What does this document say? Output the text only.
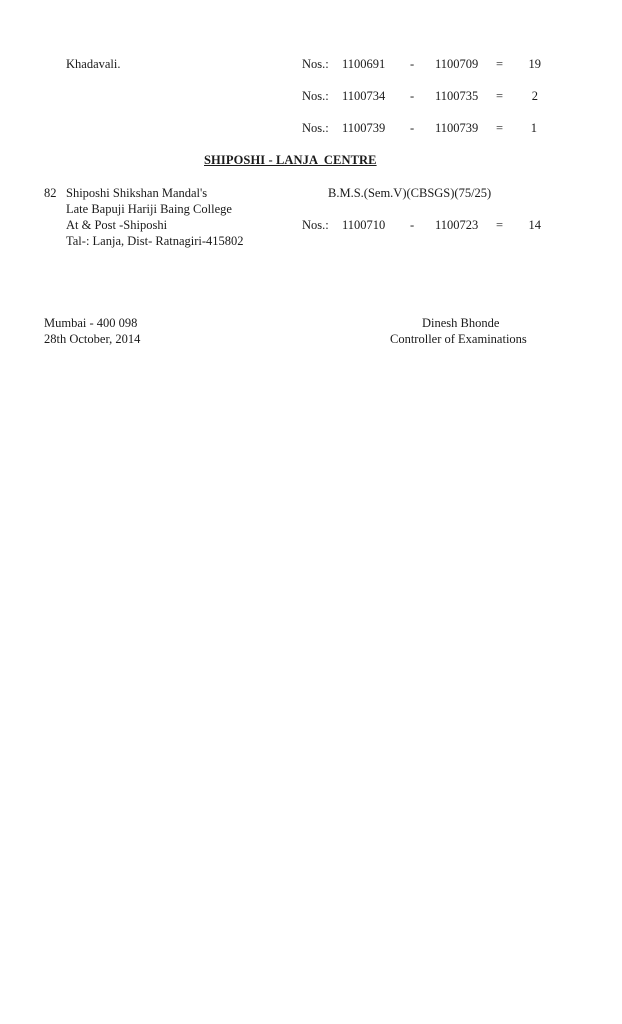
Khadavali.	Nos.: 1100691 - 1100709 =	19
Nos.: 1100734 - 1100735 =	2
Nos.: 1100739 - 1100739 =	1
SHIPOSHI - LANJA  CENTRE
82 Shiposhi Shikshan Mandal's
Late Bapuji Hariji Baing College
At & Post -Shiposhi
Tal-: Lanja, Dist- Ratnagiri-415802
B.M.S.(Sem.V)(CBSGS)(75/25)
Nos.: 1100710 - 1100723 =	14
Mumbai - 400 098
28th October, 2014
Dinesh Bhonde
Controller of Examinations
